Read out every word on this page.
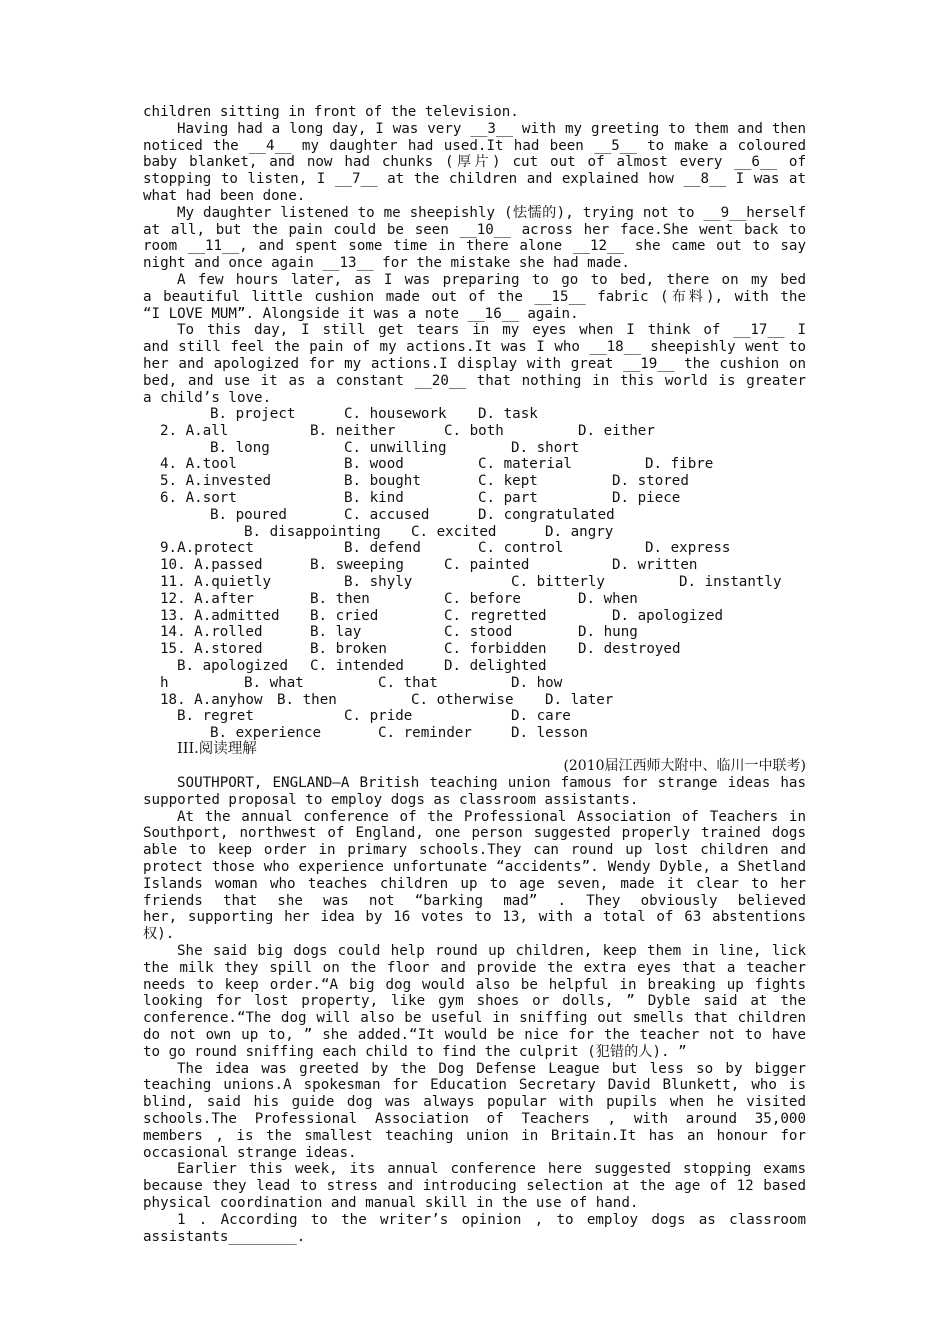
children sitting in front of the television.
Having had a long day, I was very __3__ with my greeting to them and then
noticed the __4__ my daughter had used.It had been __5__ to make a coloured
baby blanket, and now had chunks (厚片) cut out of almost every __6__ of
stopping to listen, I __7__ at the children and explained how __8__ I was at
what had been done.
My daughter listened to me sheepishly (怯懦的), trying not to __9__herself
at all, but the pain could be seen __10__ across her face.She went back to
room __11__, and spent some time in there alone __12__ she came out to say
night and once again __13__ for the mistake she had made.
A few hours later, as I was preparing to go to bed, there on my bed
a beautiful little cushion made out of the __15__ fabric (布料), with the
“I LOVE MUM”. Alongside it was a note __16__ again.
To this day, I still get tears in my eyes when I think of __17__ I
and still feel the pain of my actions.It was I who __18__ sheepishly went to
her and apologized for my actions.I display with great __19__ the cushion on
bed, and use it as a constant __20__ that nothing in this world is greater
a child’s love.
B. project	C. housework D. task
2. A.all	B. neither	C. both	D. either
B. long	C. unwilling	D. short
4. A.tool	B. wood	C. material	D. fibre
5. A.invested	B. bought	C. kept	D. stored
6. A.sort	B. kind	C. part	D. piece
B. poured	C. accused	D. congratulated
B. disappointing C. excited	D. angry
9.A.protect	B. defend	C. control	D. express
10. A.passed	B. sweeping	C. painted	D. written
11. A.quietly	B. shyly	C. bitterly	D. instantly
12. A.after	B. then	C. before	D. when
13. A.admitted B. cried	C. regretted	D. apologized
14. A.rolled	B. lay	C. stood	D. hung
15. A.stored	B. broken	C. forbidden D. destroyed
B. apologized C. intended	D. delighted
h	B. what	C. that	D. how
18. A.anyhow B. then	C. otherwise D. later
B. regret	C. pride	D. care
B. experience	C. reminder	D. lesson
III.阅读理解
(2010届江西师大附中、临川一中联考)
SOUTHPORT, ENGLAND—A British teaching union famous for strange ideas has
supported proposal to employ dogs as classroom assistants.
At the annual conference of the Professional Association of Teachers in
Southport, northwest of England, one person suggested properly trained dogs
able to keep order in primary schools.They can round up lost children and
protect those who experience unfortunate “accidents”. Wendy Dyble, a Shetland
Islands woman who teaches children up to age seven, made it clear to her
friends that she was not “barking mad” . They obviously believed
her, supporting her idea by 16 votes to 13, with a total of 63 abstentions
权).
She said big dogs could help round up children, keep them in line, lick
the milk they spill on the floor and provide the extra eyes that a teacher
needs to keep order.“A big dog would also be helpful in breaking up fights
looking for lost property, like gym shoes or dolls, ” Dyble said at the
conference.“The dog will also be useful in sniffing out smells that children
do not own up to, ” she added.“It would be nice for the teacher not to have
to go round sniffing each child to find the culprit (犯错的人). ”
The idea was greeted by the Dog Defense League but less so by bigger
teaching unions.A spokesman for Education Secretary David Blunkett, who is
blind, said his guide dog was always popular with pupils when he visited
schools.The Professional Association of Teachers , with around 35,000
members , is the smallest teaching union in Britain.It has an honour for
occasional strange ideas.
Earlier this week, its annual conference here suggested stopping exams
because they lead to stress and introducing selection at the age of 12 based
physical coordination and manual skill in the use of hand.
1 . According to the writer’s opinion , to employ dogs as classroom
assistants________.
